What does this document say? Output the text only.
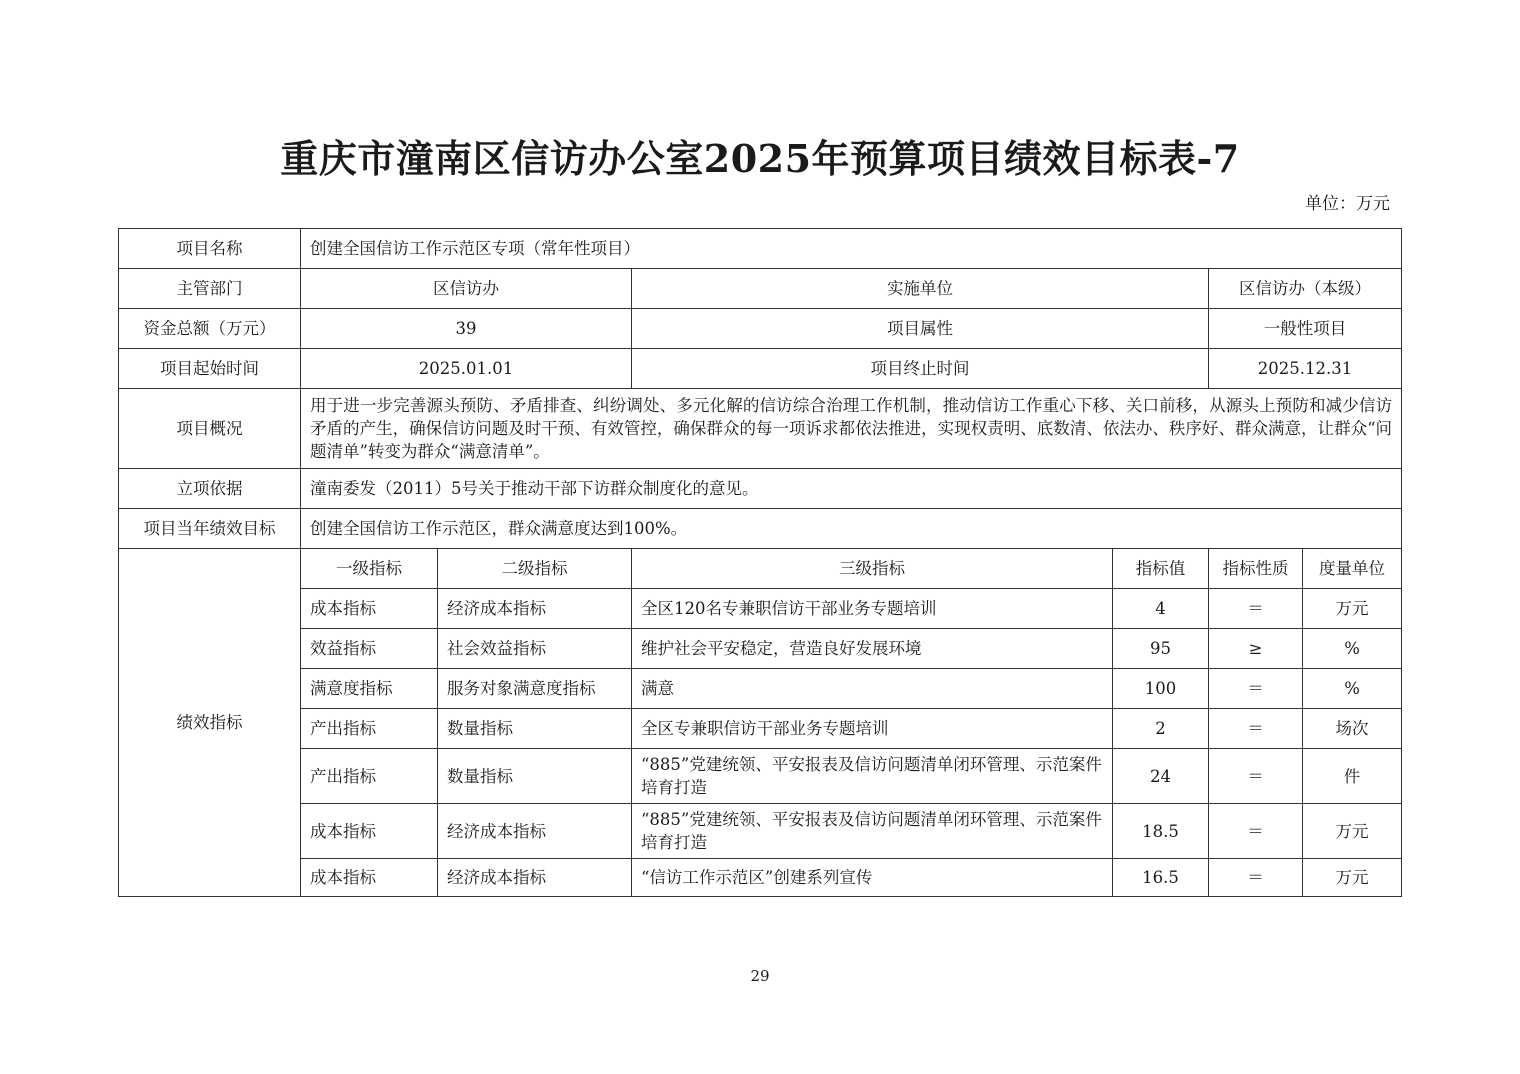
重庆市潼南区信访办公室2025年预算项目绩效目标表-7
单位：万元
项目名称	创建全国信访工作示范区专项（常年性项目）					
主管部门	区信访办		实施单位		区信访办（本级）	
资金总额（万元）	39		项目属性		一般性项目	
项目起始时间	2025.01.01		项目终止时间		2025.12.31	
项目概况	用于进一步完善源头预防、矛盾排查、纠纷调处、多元化解的信访综合治理工作机制，推动信访工作重心下移、关口前移，从源头上预防和减少信访矛盾的产生，确保信访问题及时干预、有效管控，确保群众的每一项诉求都依法推进，实现权责明、底数清、依法办、秩序好、群众满意，让群众“问题清单”转变为群众“满意清单”。					
立项依据	潼南委发（2011）5号关于推动干部下访群众制度化的意见。					
项目当年绩效目标	创建全国信访工作示范区，群众满意度达到100%。					
绩效指标	一级指标	二级指标	三级指标	指标值	指标性质	度量单位
	成本指标	经济成本指标	全区120名专兼职信访干部业务专题培训	4	＝	万元
	效益指标	社会效益指标	维护社会平安稳定，营造良好发展环境	95	≥	%
	满意度指标	服务对象满意度指标	满意	100	＝	%
	产出指标	数量指标	全区专兼职信访干部业务专题培训	2	＝	场次
	产出指标	数量指标	“885”党建统领、平安报表及信访问题清单闭环管理、示范案件培育打造	24	＝	件
	成本指标	经济成本指标	“885”党建统领、平安报表及信访问题清单闭环管理、示范案件培育打造	18.5	＝	万元
	成本指标	经济成本指标	“信访工作示范区”创建系列宣传	16.5	＝	万元
29
